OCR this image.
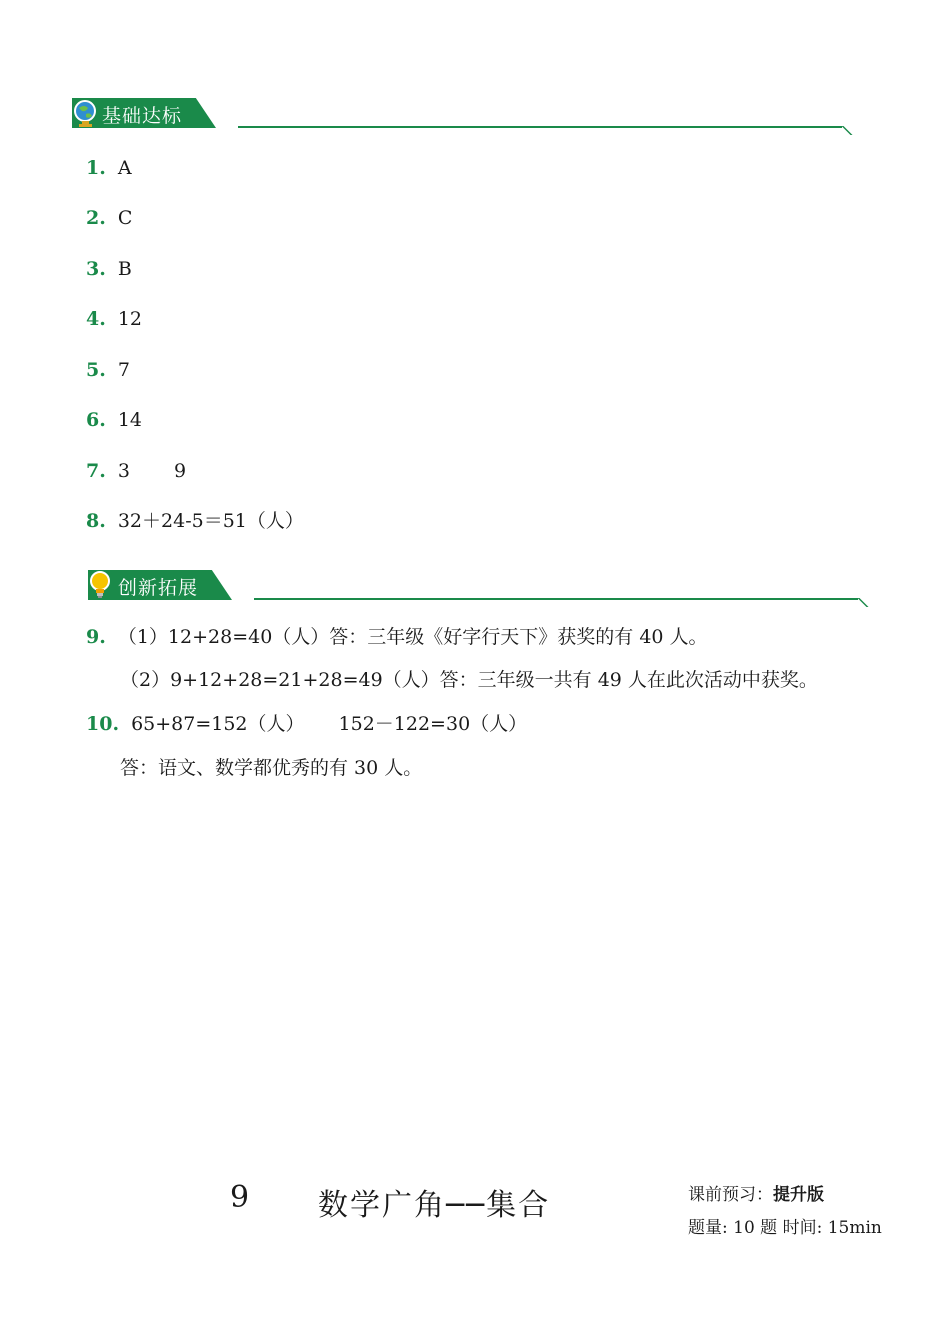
基础达标
1. A
2. C
3. B
4. 12
5. 7
6. 14
7. 3 9
8. 32＋24-5＝51（人）
创新拓展
9. （1）12+28=40（人）答：三年级《好字行天下》获奖的有 40 人。
（2）9+12+28=21+28=49（人）答：三年级一共有 49 人在此次活动中获奖。
10. 65+87=152（人） 152－122=30（人）
答：语文、数学都优秀的有 30 人。
9 数学广角──集合	课前预习：提升版
题量: 10 题 时间: 15min
